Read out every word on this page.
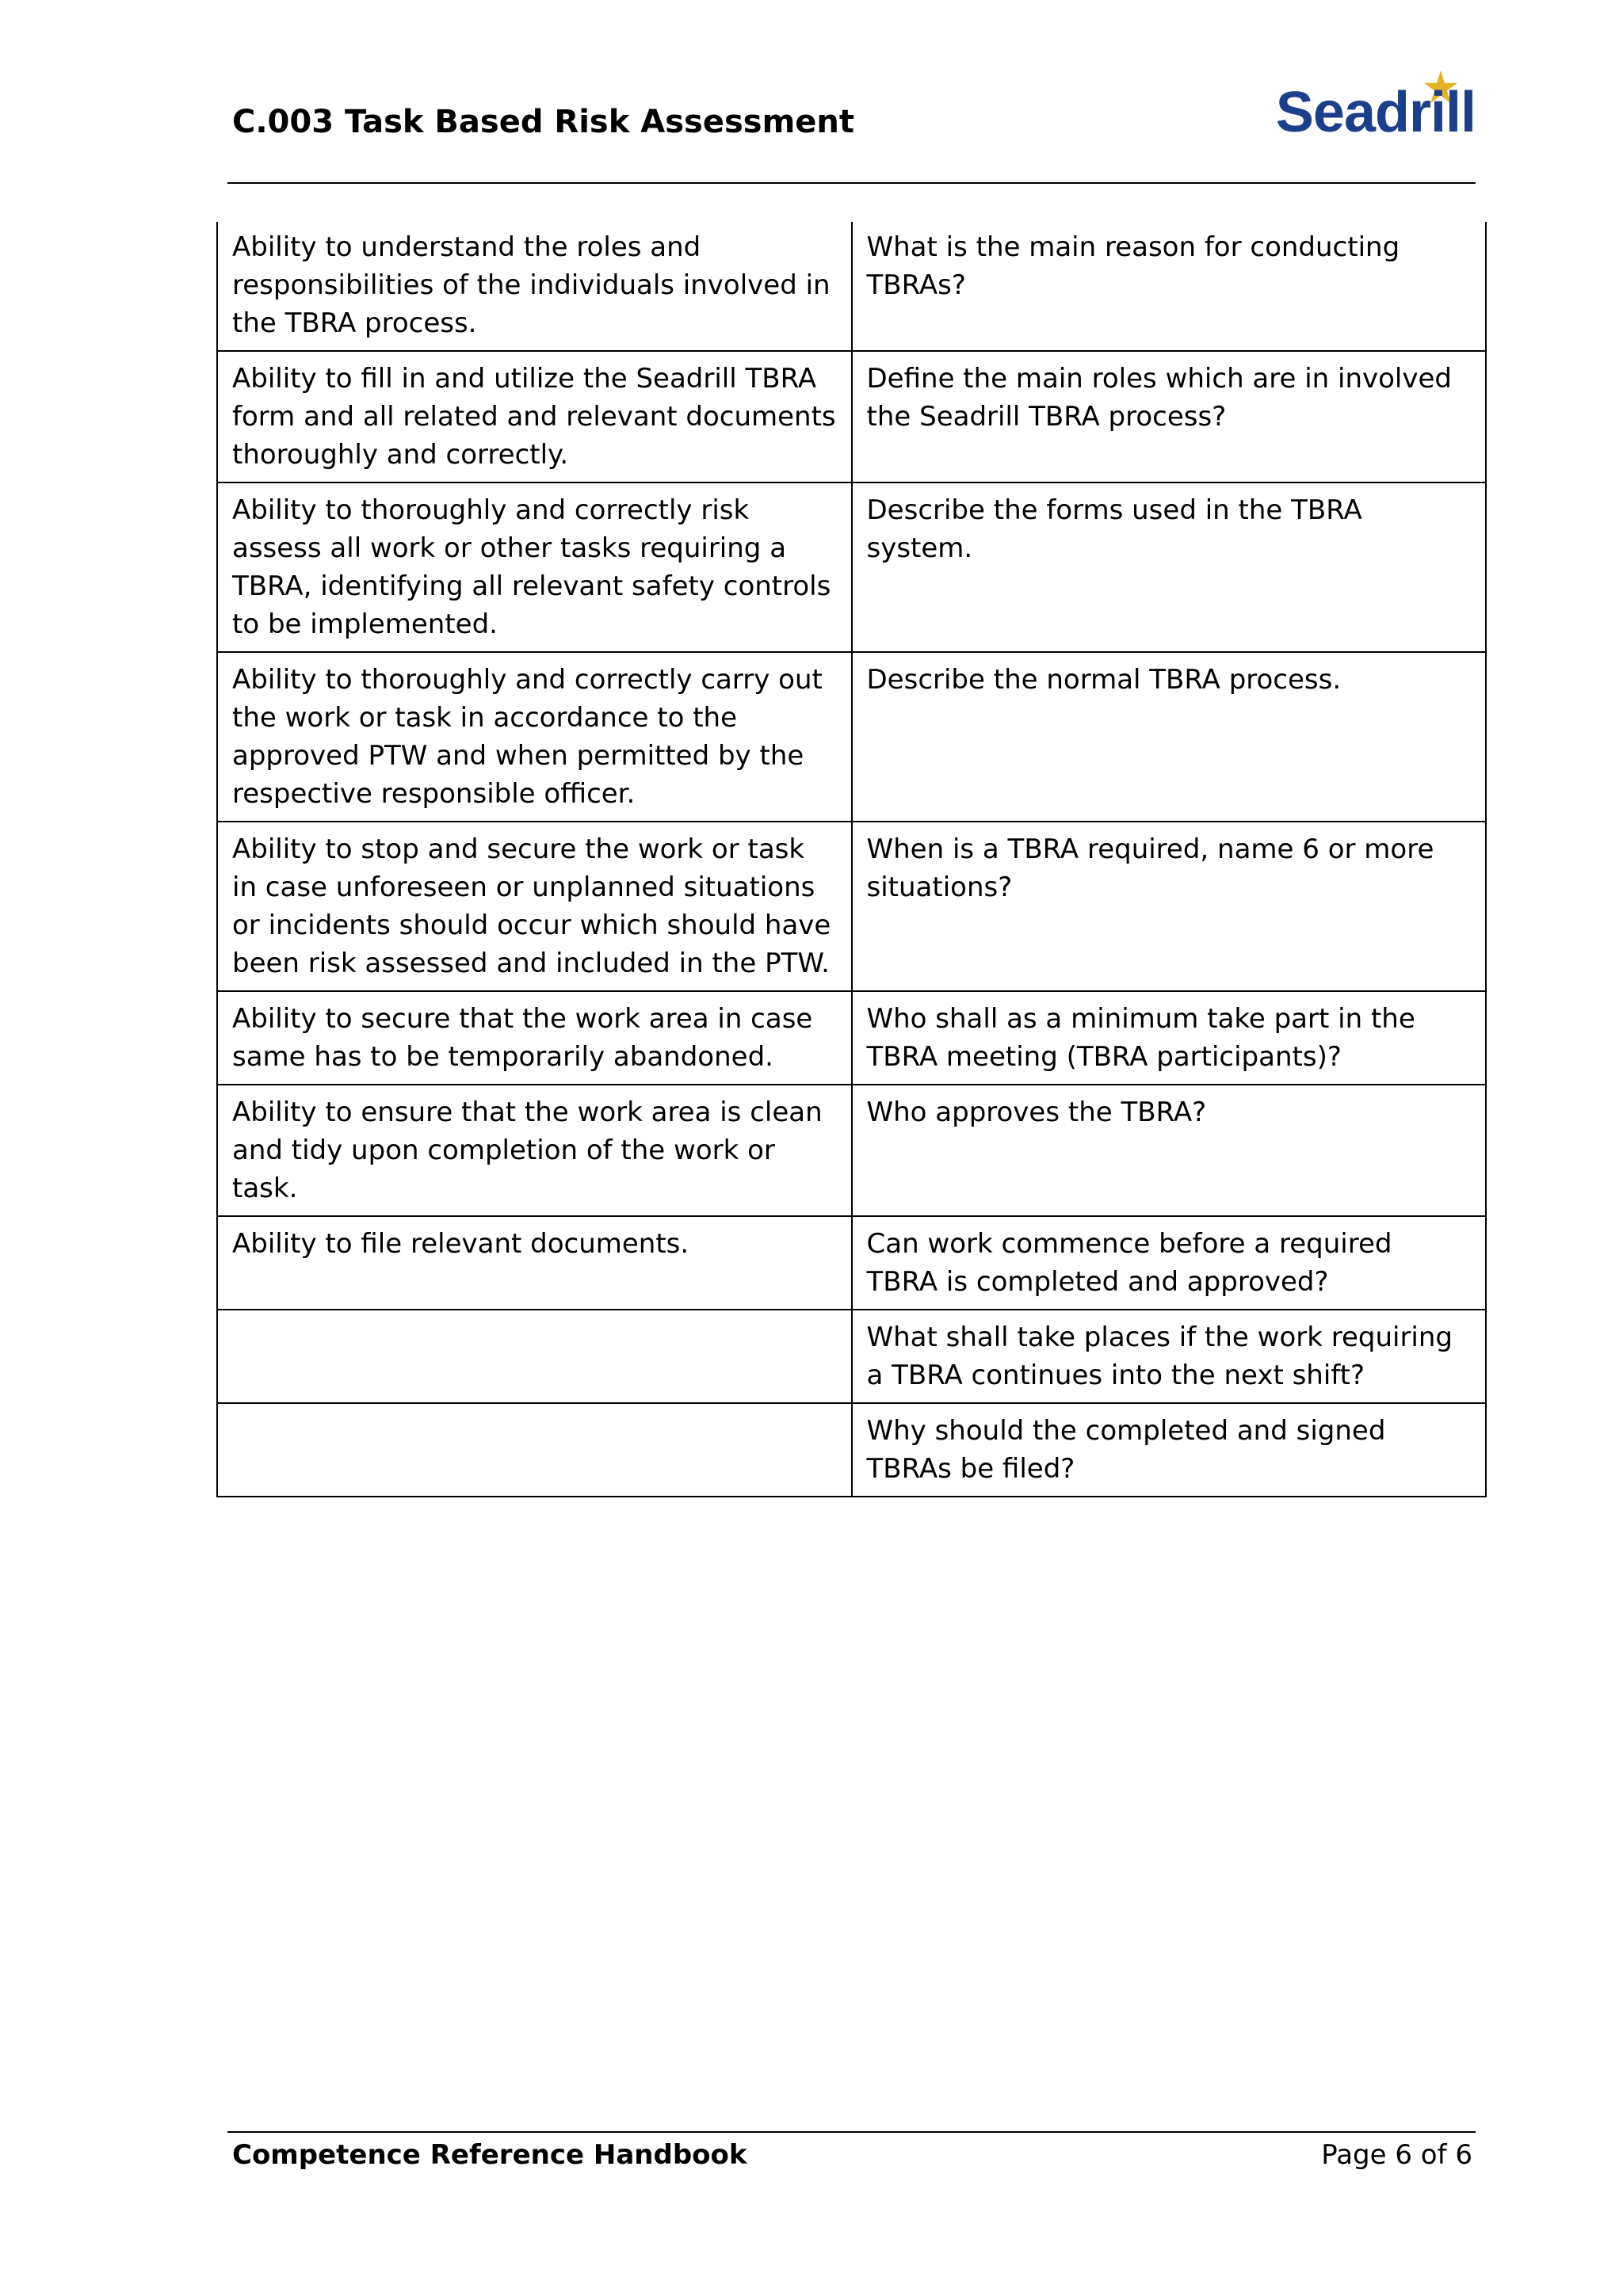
C.003 Task Based Risk Assessment	Seadrill
Ability to understand the roles and responsibilities of the individuals involved in the TBRA process.	What is the main reason for conducting TBRAs?
Ability to fill in and utilize the Seadrill TBRA form and all related and relevant documents thoroughly and correctly.	Define the main roles which are in involved the Seadrill TBRA process?
Ability to thoroughly and correctly risk assess all work or other tasks requiring a TBRA, identifying all relevant safety controls to be implemented.	Describe the forms used in the TBRA system.
Ability to thoroughly and correctly carry out the work or task in accordance to the approved PTW and when permitted by the respective responsible officer.	Describe the normal TBRA process.
Ability to stop and secure the work or task in case unforeseen or unplanned situations or incidents should occur which should have been risk assessed and included in the PTW.	When is a TBRA required, name 6 or more situations?
Ability to secure that the work area in case same has to be temporarily abandoned.	Who shall as a minimum take part in the TBRA meeting (TBRA participants)?
Ability to ensure that the work area is clean and tidy upon completion of the work or task.	Who approves the TBRA?
Ability to file relevant documents.	Can work commence before a required TBRA is completed and approved?
	What shall take places if the work requiring a TBRA continues into the next shift?
	Why should the completed and signed TBRAs be filed?
Competence Reference Handbook	Page 6 of 6
